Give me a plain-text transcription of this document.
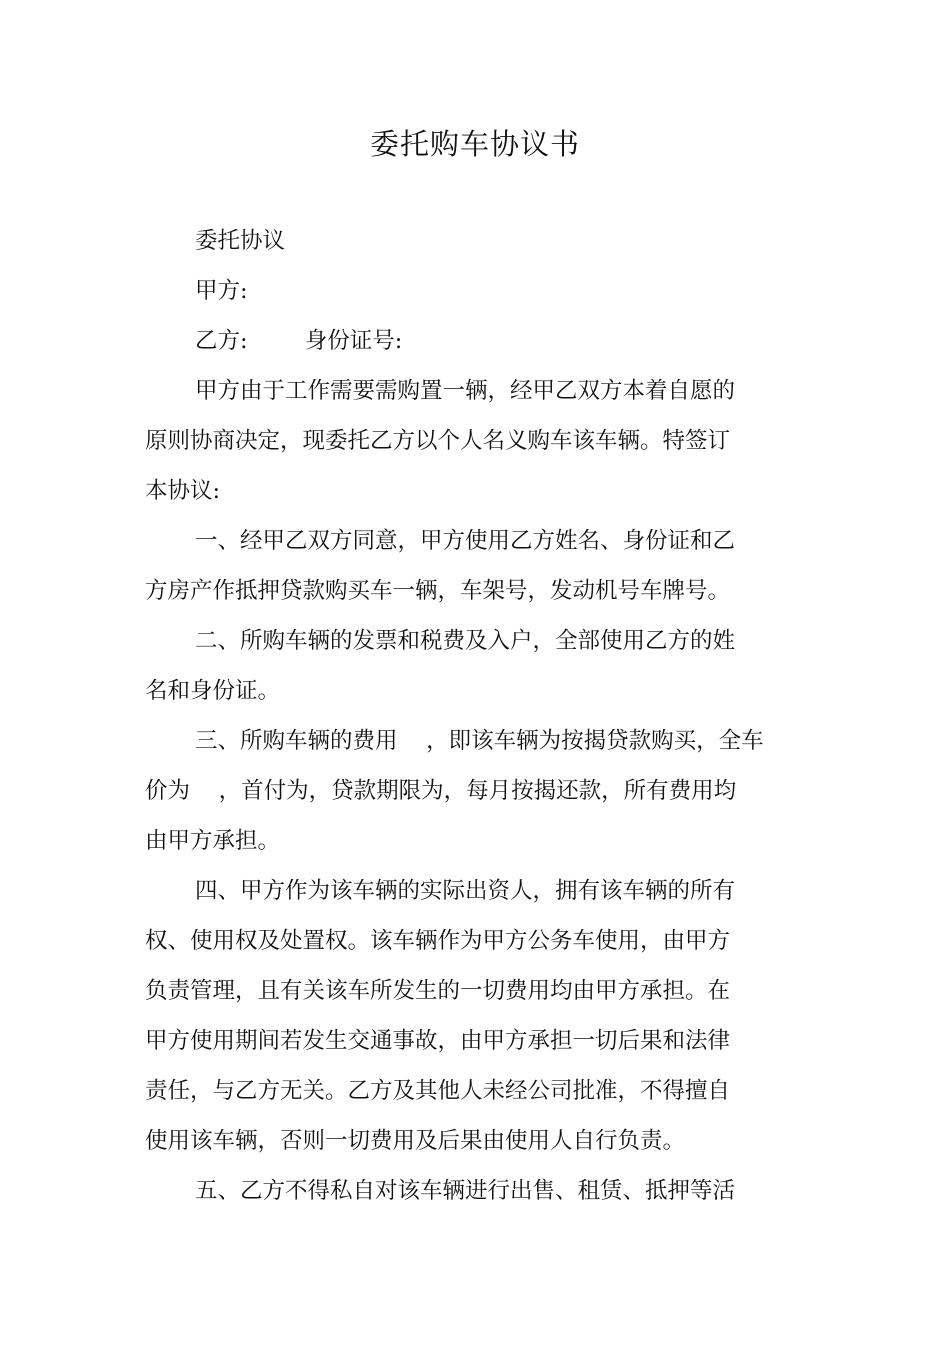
委托购车协议书

委托协议

甲方:

乙方:        身份证号:

甲方由于工作需要需购置一辆，经甲乙双方本着自愿的

原则协商决定，现委托乙方以个人名义购车该车辆。特签订

本协议:

一、经甲乙双方同意，甲方使用乙方姓名、身份证和乙

方房产作抵押贷款购买车一辆，车架号，发动机号车牌号。

二、所购车辆的发票和税费及入户，全部使用乙方的姓

名和身份证。

三、所购车辆的费用    ，即该车辆为按揭贷款购买，全车

价为    ，首付为，贷款期限为，每月按揭还款，所有费用均

由甲方承担。

四、甲方作为该车辆的实际出资人，拥有该车辆的所有

权、使用权及处置权。该车辆作为甲方公务车使用，由甲方

负责管理，且有关该车所发生的一切费用均由甲方承担。在

甲方使用期间若发生交通事故，由甲方承担一切后果和法律

责任，与乙方无关。乙方及其他人未经公司批准，不得擅自

使用该车辆，否则一切费用及后果由使用人自行负责。

五、乙方不得私自对该车辆进行出售、租赁、抵押等活
